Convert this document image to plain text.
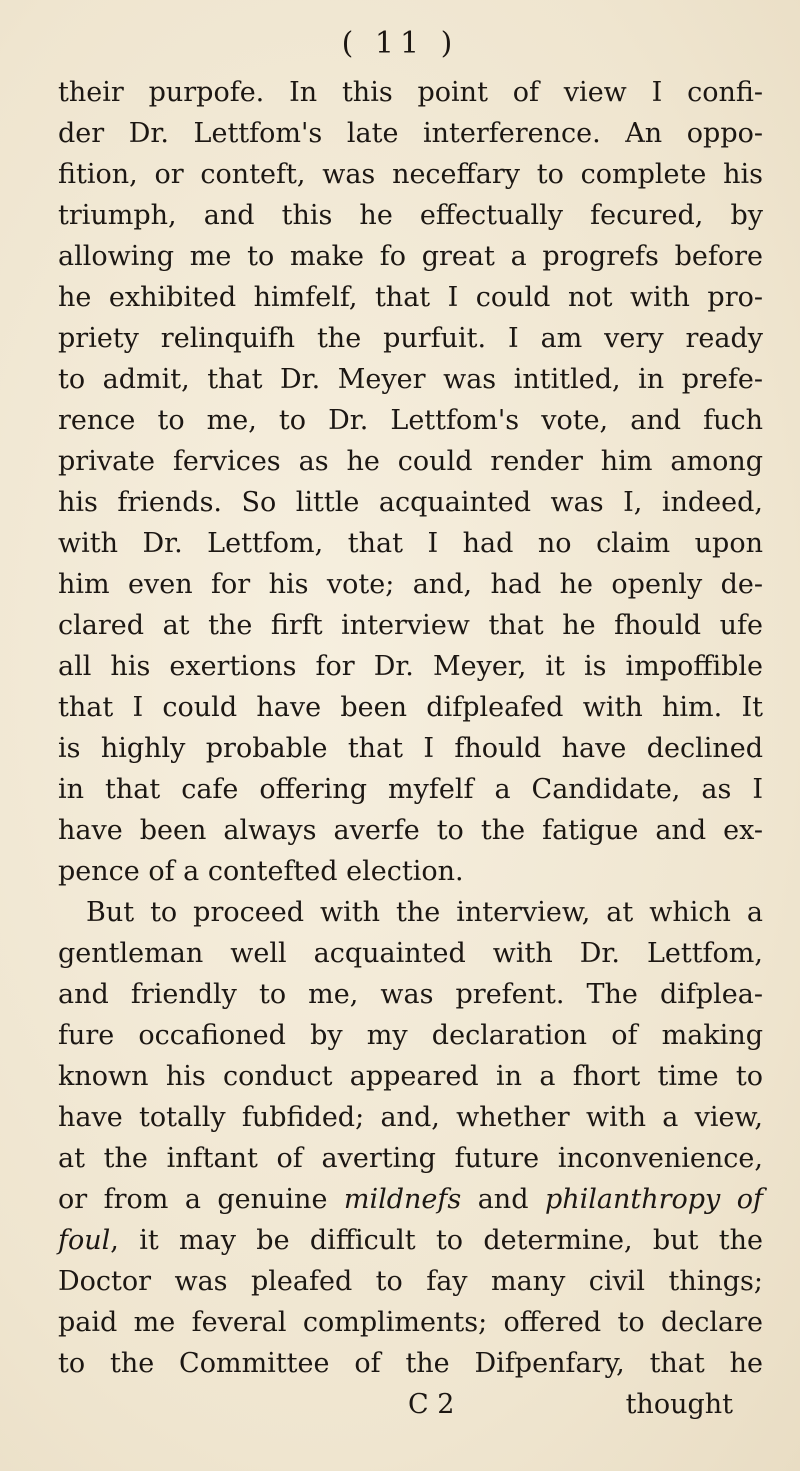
( 11 )
their purpofe. In this point of view I confi-
der Dr. Lettfom's late interference. An oppo-
fition, or conteft, was neceffary to complete his
triumph, and this he effectually fecured, by
allowing me to make fo great a progrefs before
he exhibited himfelf, that I could not with pro-
priety relinquifh the purfuit. I am very ready
to admit, that Dr. Meyer was intitled, in prefe-
rence to me, to Dr. Lettfom's vote, and fuch
private fervices as he could render him among
his friends. So little acquainted was I, indeed,
with Dr. Lettfom, that I had no claim upon
him even for his vote; and, had he openly de-
clared at the firft interview that he fhould ufe
all his exertions for Dr. Meyer, it is impoffible
that I could have been difpleafed with him. It
is highly probable that I fhould have declined
in that cafe offering myfelf a Candidate, as I
have been always averfe to the fatigue and ex-
pence of a contefted election.
But to proceed with the interview, at which a
gentleman well acquainted with Dr. Lettfom,
and friendly to me, was prefent. The difplea-
fure occafioned by my declaration of making
known his conduct appeared in a fhort time to
have totally fubfided; and, whether with a view,
at the inftant of averting future inconvenience,
or from a genuine mildnefs and philanthropy of
foul, it may be difficult to determine, but the
Doctor was pleafed to fay many civil things;
paid me feveral compliments; offered to declare
to the Committee of the Difpenfary, that he
C 2	thought
